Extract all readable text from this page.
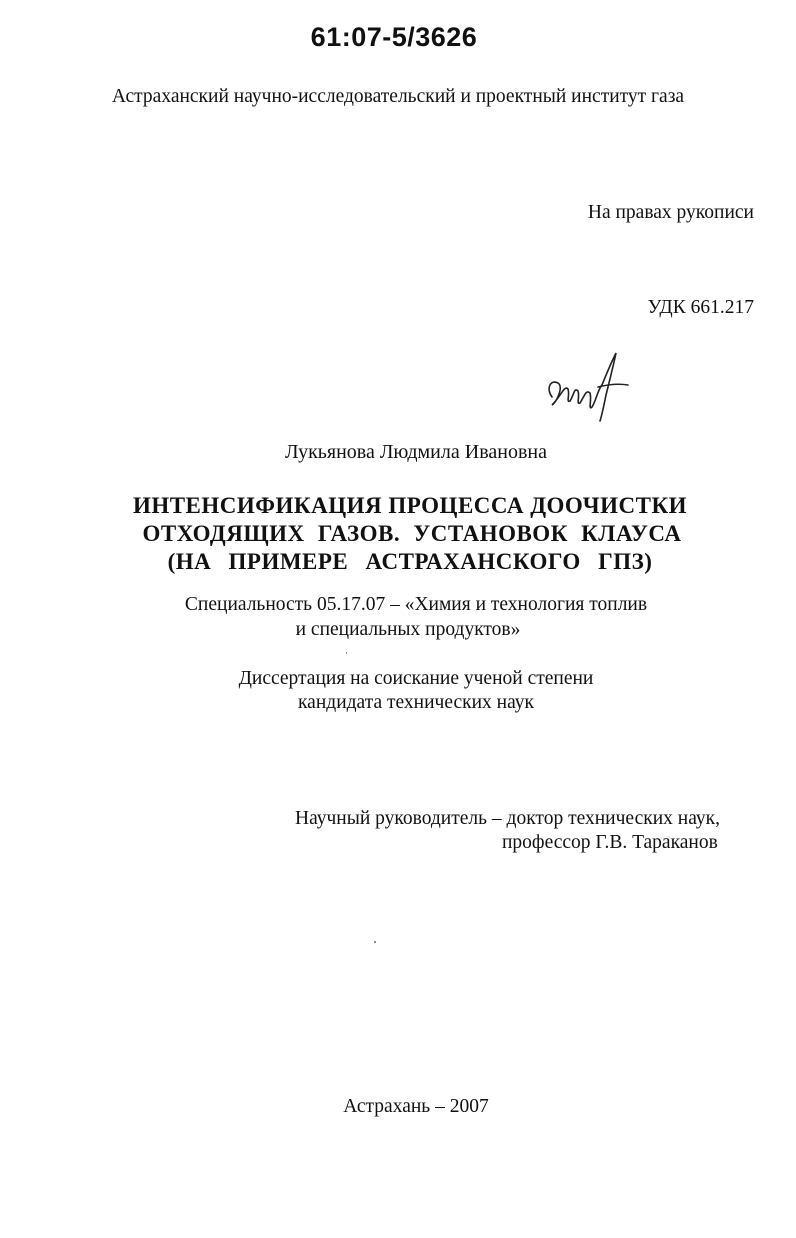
61:07-5/3626
Астраханский научно-исследовательский и проектный институт газа
На правах рукописи
УДК 661.217
Лукьянова Людмила Ивановна
ИНТЕНСИФИКАЦИЯ ПРОЦЕССА ДООЧИСТКИ
ОТХОДЯЩИХ ГАЗОВ. УСТАНОВОК КЛАУСА
(НА ПРИМЕРЕ АСТРАХАНСКОГО ГПЗ)
Специальность 05.17.07 – «Химия и технология топлив
и специальных продуктов»
Диссертация на соискание ученой степени
кандидата технических наук
Научный руководитель – доктор технических наук,
профессор Г.В. Тараканов
Астрахань – 2007
